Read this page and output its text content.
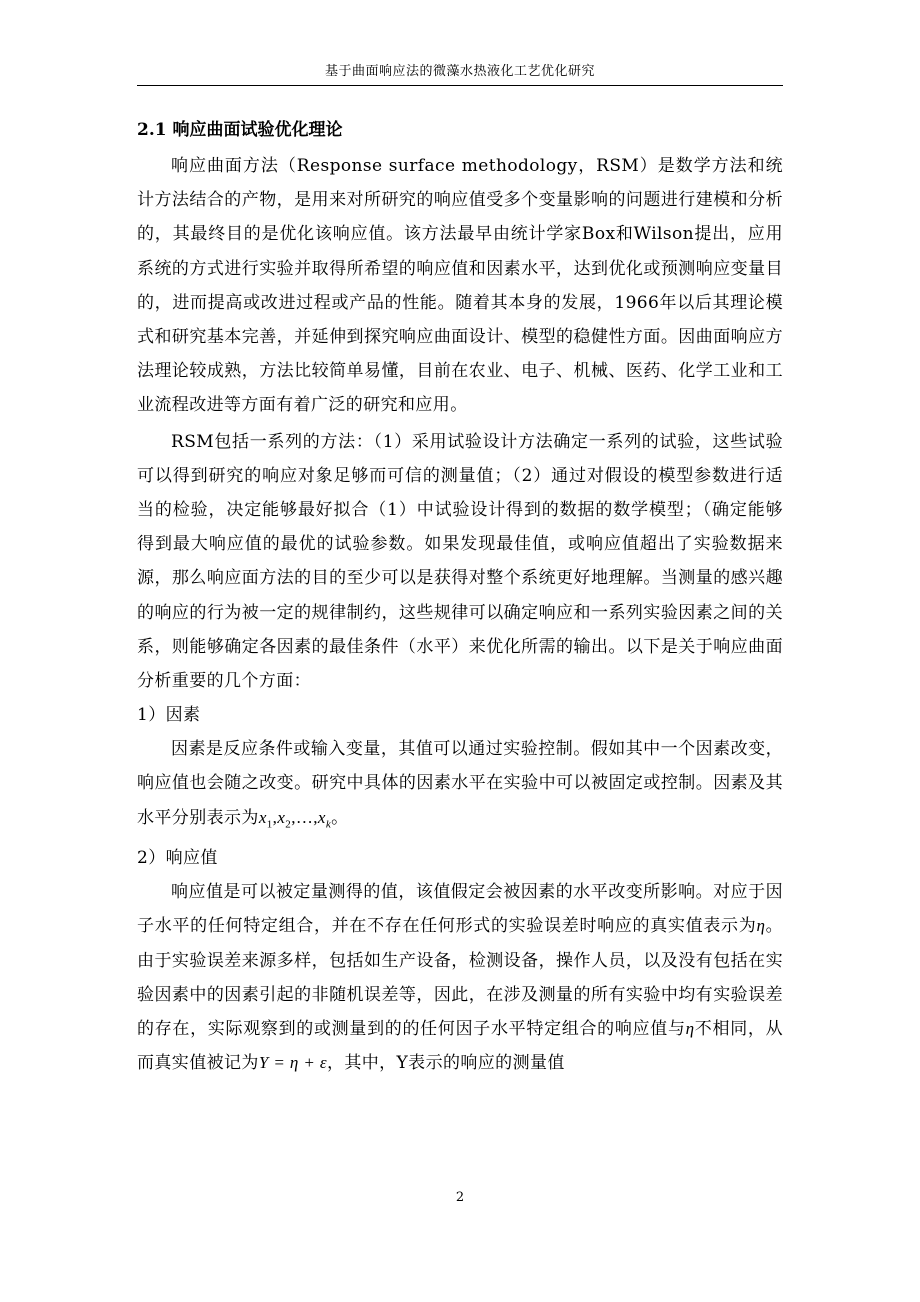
基于曲面响应法的微藻水热液化工艺优化研究

2.1 响应曲面试验优化理论

响应曲面方法（Response surface methodology，RSM）是数学方法和统计方法结合的产物，是用来对所研究的响应值受多个变量影响的问题进行建模和分析的，其最终目的是优化该响应值。该方法最早由统计学家Box和Wilson提出，应用系统的方式进行实验并取得所希望的响应值和因素水平，达到优化或预测响应变量目的，进而提高或改进过程或产品的性能。随着其本身的发展，1966年以后其理论模式和研究基本完善，并延伸到探究响应曲面设计、模型的稳健性方面。因曲面响应方法理论较成熟，方法比较简单易懂，目前在农业、电子、机械、医药、化学工业和工业流程改进等方面有着广泛的研究和应用。

RSM包括一系列的方法：（1）采用试验设计方法确定一系列的试验，这些试验可以得到研究的响应对象足够而可信的测量值；（2）通过对假设的模型参数进行适当的检验，决定能够最好拟合（1）中试验设计得到的数据的数学模型；（确定能够得到最大响应值的最优的试验参数。如果发现最佳值，或响应值超出了实验数据来源，那么响应面方法的目的至少可以是获得对整个系统更好地理解。当测量的感兴趣的响应的行为被一定的规律制约，这些规律可以确定响应和一系列实验因素之间的关系，则能够确定各因素的最佳条件（水平）来优化所需的输出。以下是关于响应曲面分析重要的几个方面：

1）因素

因素是反应条件或输入变量，其值可以通过实验控制。假如其中一个因素改变，响应值也会随之改变。研究中具体的因素水平在实验中可以被固定或控制。因素及其水平分别表示为$x_1,x_2,\dots,x_k$。

2）响应值

响应值是可以被定量测得的值，该值假定会被因素的水平改变所影响。对应于因子水平的任何特定组合，并在不存在任何形式的实验误差时响应的真实值表示为η。由于实验误差来源多样，包括如生产设备，检测设备，操作人员，以及没有包括在实验因素中的因素引起的非随机误差等，因此，在涉及测量的所有实验中均有实验误差的存在，实际观察到的或测量到的的任何因子水平特定组合的响应值与η不相同，从而真实值被记为Y = η + ε，其中，Y表示的响应的测量值

2
